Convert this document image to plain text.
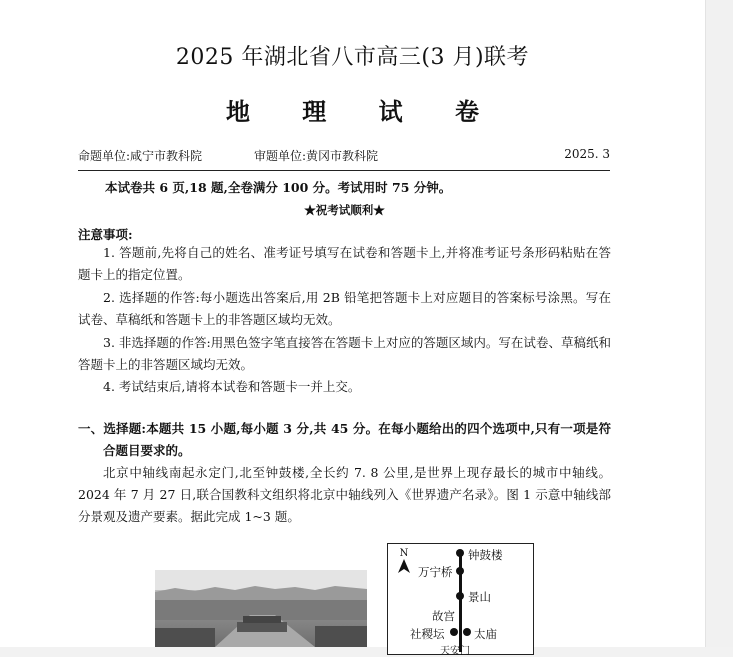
2025 年湖北省八市高三(3 月)联考
地 理 试 卷
命题单位:咸宁市教科院	审题单位:黄冈市教科院	2025. 3
本试卷共 6 页,18 题,全卷满分 100 分。考试用时 75 分钟。
★祝考试顺利★
注意事项:
1. 答题前,先将自己的姓名、准考证号填写在试卷和答题卡上,并将准考证号条形码粘贴在答题卡上的指定位置。
2. 选择题的作答:每小题选出答案后,用 2B 铅笔把答题卡上对应题目的答案标号涂黑。写在试卷、草稿纸和答题卡上的非答题区域均无效。
3. 非选择题的作答:用黑色签字笔直接答在答题卡上对应的答题区域内。写在试卷、草稿纸和答题卡上的非答题区域均无效。
4. 考试结束后,请将本试卷和答题卡一并上交。
一、选择题:本题共 15 小题,每小题 3 分,共 45 分。在每小题给出的四个选项中,只有一项是符合题目要求的。
北京中轴线南起永定门,北至钟鼓楼,全长约 7. 8 公里,是世界上现存最长的城市中轴线。2024 年 7 月 27 日,联合国教科文组织将北京中轴线列入《世界遗产名录》。图 1 示意中轴线部分景观及遗产要素。据此完成 1~3 题。
N	钟鼓楼
万宁桥
景山
故宫
社稷坛	太庙
天安门
